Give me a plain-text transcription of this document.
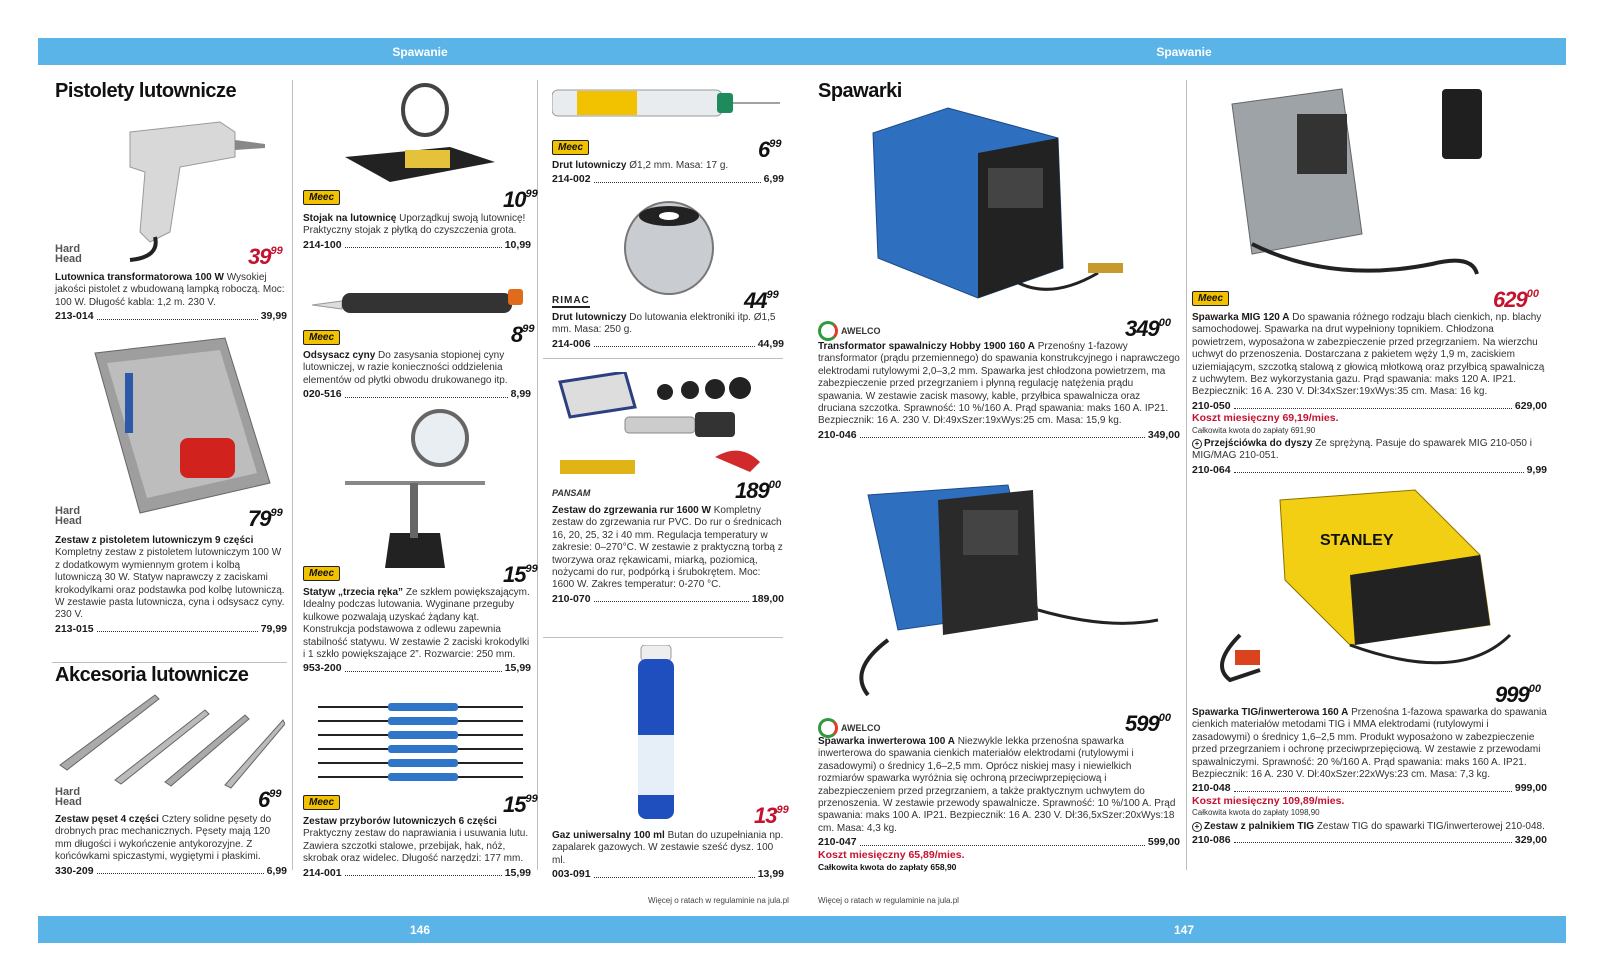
Spawanie	Spawanie
146	147
Pistolety lutownicze
Hard Head	$39^{99}$
Lutownica transformatorowa 100 W Wysokiej jakości pistolet z wbudowaną lampką roboczą. Moc: 100 W. Długość kabla: 1,2 m. 230 V.
213-014	39,99
Hard Head	$79^{99}$
Zestaw z pistoletem lutowniczym 9 części Kompletny zestaw z pistoletem lutowniczym 100 W z dodatkowym wymiennym grotem i kolbą lutowniczą 30 W. Statyw naprawczy z zaciskami krokodylkami oraz podstawka pod kolbę lutowniczą. W zestawie pasta lutownicza, cyna i odsysacz cyny. 230 V.
213-015	79,99
Akcesoria lutownicze
Hard Head	$6^{99}$
Zestaw pęset 4 części Cztery solidne pęsety do drobnych prac mechanicznych. Pęsety mają 120 mm długości i wykończenie antykorozyjne. Z końcówkami spiczastymi, wygiętymi i płaskimi.
330-209	6,99
Meec	$10^{99}$
Stojak na lutownicę Uporządkuj swoją lutownicę! Praktyczny stojak z płytką do czyszczenia grota.
214-100	10,99
Meec	$8^{99}$
Odsysacz cyny Do zasysania stopionej cyny lutowniczej, w razie konieczności oddzielenia elementów od płytki obwodu drukowanego itp.
020-516	8,99
Meec	$15^{99}$
Statyw „trzecia ręka” Ze szkłem powiększającym. Idealny podczas lutowania. Wyginane przeguby kulkowe pozwalają uzyskać żądany kąt. Konstrukcja podstawowa z odlewu zapewnia stabilność statywu. W zestawie 2 zaciski krokodylki i 1 szkło powiększające 2”. Rozwarcie: 250 mm.
953-200	15,99
Meec	$15^{99}$
Zestaw przyborów lutowniczych 6 części Praktyczny zestaw do naprawiania i usuwania lutu. Zawiera szczotki stalowe, przebijak, hak, nóż, skrobak oraz widelec. Długość narzędzi: 177 mm.
214-001	15,99
Meec	$6^{99}$
Drut lutowniczy Ø1,2 mm. Masa: 17 g.
214-002	6,99
RIMAC	$44^{99}$
Drut lutowniczy Do lutowania elektroniki itp. Ø1,5 mm. Masa: 250 g.
214-006	44,99
PANSAM	$189^{00}$
Zestaw do zgrzewania rur 1600 W Kompletny zestaw do zgrzewania rur PVC. Do rur o średnicach 16, 20, 25, 32 i 40 mm. Regulacja temperatury w zakresie: 0–270°C. W zestawie z praktyczną torbą z tworzywa oraz rękawicami, miarką, poziomicą, nożycami do rur, podpórką i śrubokrętem. Moc: 1600 W. Zakres temperatur: 0-270 °C.
210-070	189,00
$13^{99}$
Gaz uniwersalny 100 ml Butan do uzupełniania np. zapalarek gazowych. W zestawie sześć dysz. 100 ml.
003-091	13,99
Więcej o ratach w regulaminie na jula.pl
Spawarki
AWELCO	$349^{00}$
Transformator spawalniczy Hobby 1900 160 A Przenośny 1-fazowy transformator (prądu przemiennego) do spawania konstrukcyjnego i naprawczego elektrodami rutylowymi 2,0–3,2 mm. Spawarka jest chłodzona powietrzem, ma zabezpieczenie przed przegrzaniem i płynną regulację natężenia prądu spawania. W zestawie zacisk masowy, kable, przyłbica spawalnicza oraz druciana szczotka. Sprawność: 10 %/160 A. Prąd spawania: maks 160 A. IP21. Bezpiecznik: 16 A. 230 V. Dł:49xSzer:19xWys:25 cm. Masa: 15,9 kg.
210-046	349,00
AWELCO	$599^{00}$
Spawarka inwerterowa 100 A Niezwykle lekka przenośna spawarka inwerterowa do spawania cienkich materiałów elektrodami (rutylowymi i zasadowymi) o średnicy 1,6–2,5 mm. Oprócz niskiej masy i niewielkich rozmiarów spawarka wyróżnia się ochroną przeciwprzepięciową i zabezpieczeniem przed przegrzaniem, a także praktycznym uchwytem do przenoszenia. W zestawie przewody spawalnicze. Sprawność: 10 %/100 A. Prąd spawania: maks 100 A. IP21. Bezpiecznik: 16 A. 230 V. Dł:36,5xSzer:20xWys:18 cm. Masa: 4,3 kg.
210-047	599,00
Koszt miesięczny 65,89/mies.
Całkowita kwota do zapłaty 658,90
Więcej o ratach w regulaminie na jula.pl
Meec	$629^{00}$
Spawarka MIG 120 A Do spawania różnego rodzaju blach cienkich, np. blachy samochodowej. Spawarka na drut wypełniony topnikiem. Chłodzona powietrzem, wyposażona w zabezpieczenie przed przegrzaniem. Na wierzchu uchwyt do przenoszenia. Dostarczana z pakietem węży 1,9 m, zaciskiem uziemiającym, szczotką stalową z głowicą młotkową oraz przyłbicą spawalniczą z uchwytem. Bez wykorzystania gazu. Prąd spawania: maks 120 A. IP21. Bezpiecznik: 16 A. 230 V. Dł:34xSzer:19xWys:35 cm. Masa: 16 kg.
210-050	629,00
Koszt miesięczny 69,19/mies.
Całkowita kwota do zapłaty 691,90
+ Przejściówka do dyszy Ze sprężyną. Pasuje do spawarek MIG 210-050 i MIG/MAG 210-051.
210-064	9,99
STANLEY
$999^{00}$
Spawarka TIG/inwerterowa 160 A Przenośna 1-fazowa spawarka do spawania cienkich materiałów metodami TIG i MMA elektrodami (rutylowymi i zasadowymi) o średnicy 1,6–2,5 mm. Produkt wyposażono w zabezpieczenie przed przegrzaniem i ochronę przeciwprzepięciową. W zestawie z przewodami spawalniczymi. Sprawność: 20 %/160 A. Prąd spawania: maks 160 A. IP21. Bezpiecznik: 16 A. 230 V. Dł:40xSzer:22xWys:23 cm. Masa: 7,3 kg.
210-048	999,00
Koszt miesięczny 109,89/mies.
Całkowita kwota do zapłaty 1098,90
+ Zestaw z palnikiem TIG Zestaw TIG do spawarki TIG/inwerterowej 210-048.
210-086	329,00
